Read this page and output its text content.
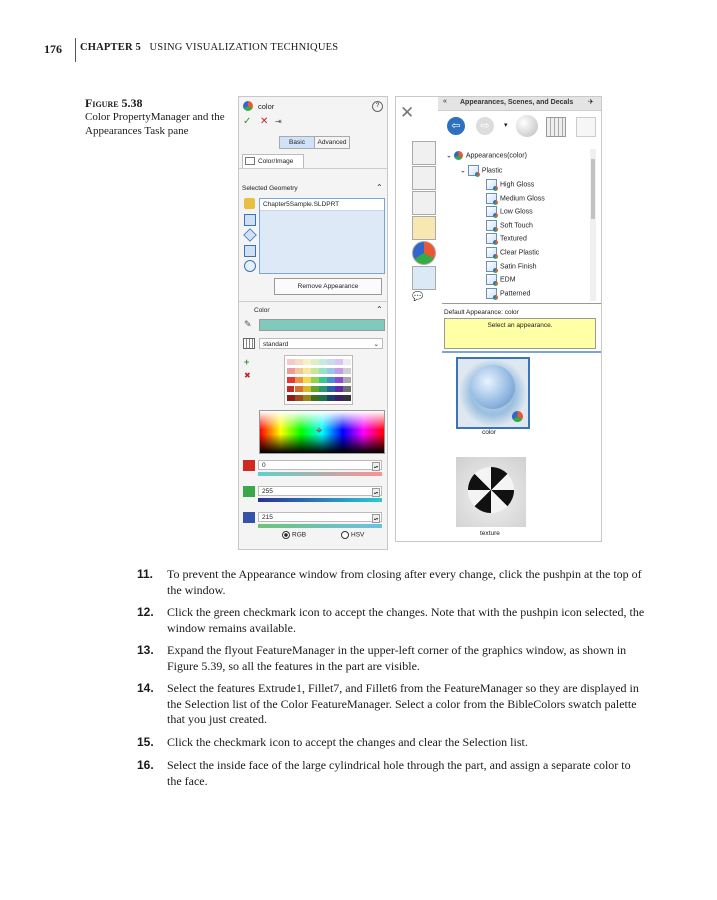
176 CHAPTER 5 USING VISUALIZATION TECHNIQUES
Figure 5.38
Color PropertyManager and the Appearances Task pane
color	?
✓ ✕ ⇥
Basic	Advanced
Color/Image
Selected Geometry	⌃
Chapter5Sample.SLDPRT
Remove Appearance
Color	⌃
✎
standard	⌄
+
✖
⌖
0	▴▾
255	▴▾
215	▴▾
RGB	HSV
✕
« Appearances, Scenes, and Decals ✈
⇦	⇨	▾
⌄ Appearances(color)
⌄ Plastic
Default Appearance: color
Select an appearance.
color
texture
High Gloss
Medium Gloss
Low Gloss
Soft Touch
Textured
Clear Plastic
Satin Finish
EDM
Patterned
💬
11.	To prevent the Appearance window from closing after every change, click the pushpin at the top of the window.
12.	Click the green checkmark icon to accept the changes. Note that with the pushpin icon selected, the window remains available.
13.	Expand the flyout FeatureManager in the upper-left corner of the graphics window, as shown in Figure 5.39, so all the features in the part are visible.
14.	Select the features Extrude1, Fillet7, and Fillet6 from the FeatureManager so they are displayed in the Selection list of the Color FeatureManager. Select a color from the BibleColors swatch palette that you just created.
15.	Click the checkmark icon to accept the changes and clear the Selection list.
16.	Select the inside face of the large cylindrical hole through the part, and assign a separate color to the face.
